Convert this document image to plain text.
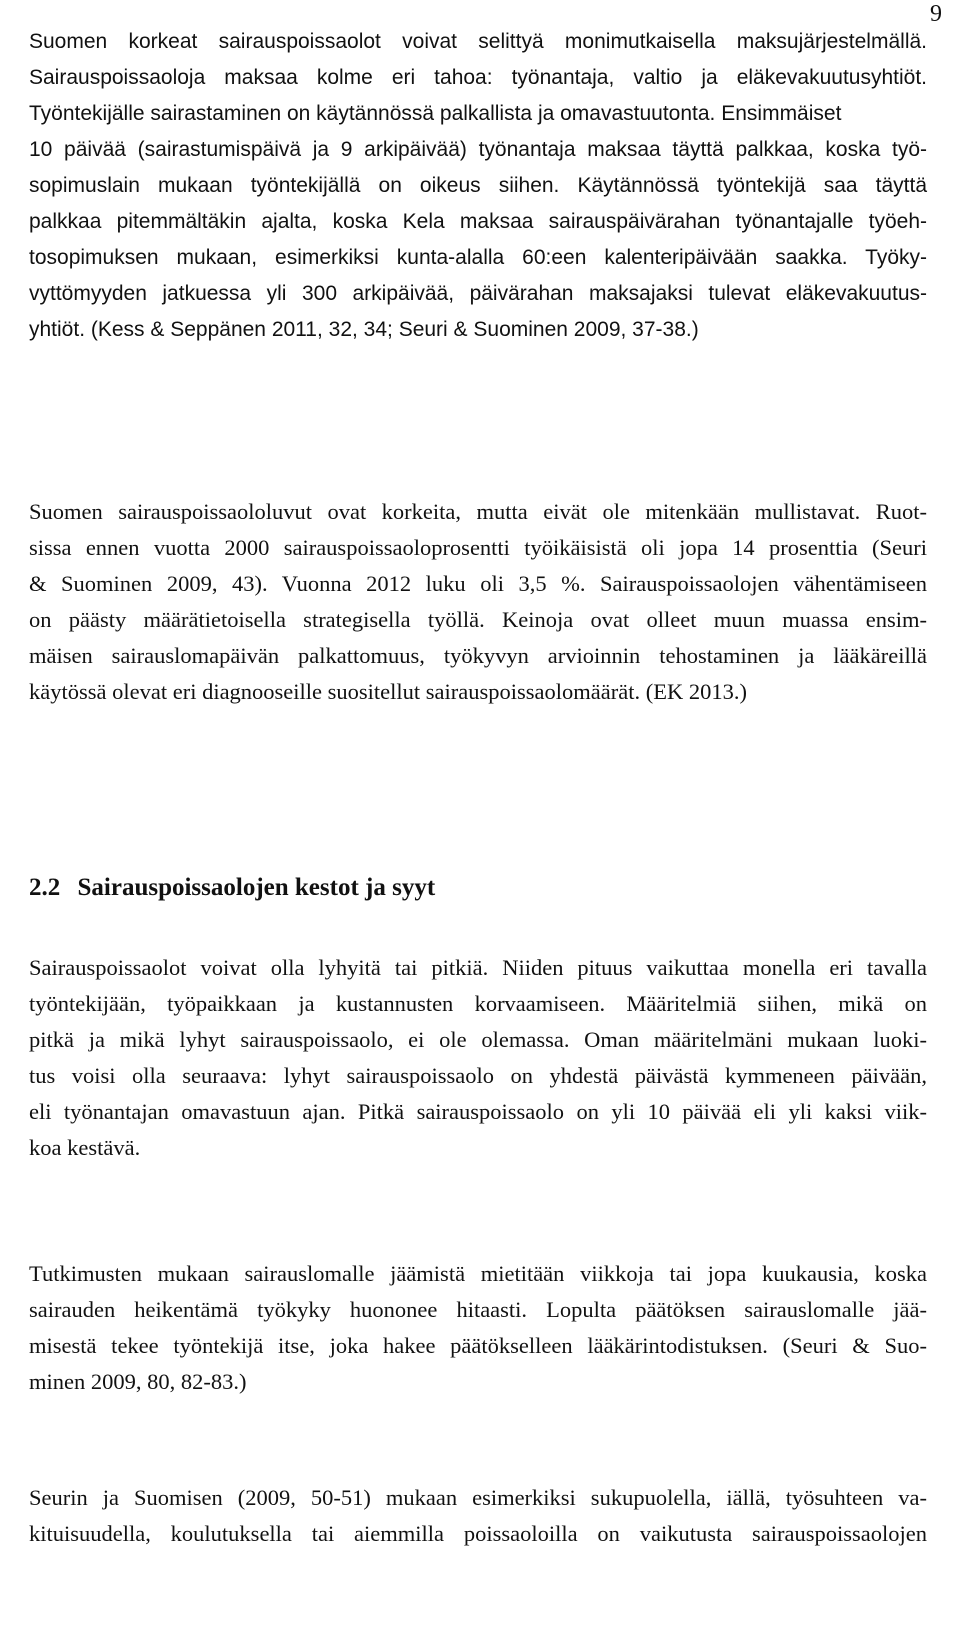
9
Suomen korkeat sairauspoissaolot voivat selittyä monimutkaisella maksujärjestelmällä.
Sairauspoissaoloja maksaa kolme eri tahoa: työnantaja, valtio ja eläkevakuutusyhtiöt.
Työntekijälle sairastaminen on käytännössä palkallista ja omavastuutonta. Ensimmäiset
10 päivää (sairastumispäivä ja 9 arkipäivää) työnantaja maksaa täyttä palkkaa, koska työ-
sopimuslain mukaan työntekijällä on oikeus siihen. Käytännössä työntekijä saa täyttä
palkkaa pitemmältäkin ajalta, koska Kela maksaa sairauspäivärahan työnantajalle työeh-
tosopimuksen mukaan, esimerkiksi kunta-alalla 60:een kalenteripäivään saakka. Työky-
vyttömyyden jatkuessa yli 300 arkipäivää, päivärahan maksajaksi tulevat eläkevakuutus-
yhtiöt. (Kess & Seppänen 2011, 32, 34; Seuri & Suominen 2009, 37-38.)
Suomen sairauspoissaololuvut ovat korkeita, mutta eivät ole mitenkään mullistavat. Ruot-
sissa ennen vuotta 2000 sairauspoissaoloprosentti työikäisistä oli jopa 14 prosenttia (Seuri
& Suominen 2009, 43). Vuonna 2012 luku oli 3,5 %. Sairauspoissaolojen vähentämiseen
on päästy määrätietoisella strategisella työllä. Keinoja ovat olleet muun muassa ensim-
mäisen sairauslomapäivän palkattomuus, työkyvyn arvioinnin tehostaminen ja lääkäreillä
käytössä olevat eri diagnooseille suositellut sairauspoissaolomäärät. (EK 2013.)
2.2 Sairauspoissaolojen kestot ja syyt
Sairauspoissaolot voivat olla lyhyitä tai pitkiä. Niiden pituus vaikuttaa monella eri tavalla
työntekijään, työpaikkaan ja kustannusten korvaamiseen. Määritelmiä siihen, mikä on
pitkä ja mikä lyhyt sairauspoissaolo, ei ole olemassa. Oman määritelmäni mukaan luoki-
tus voisi olla seuraava: lyhyt sairauspoissaolo on yhdestä päivästä kymmeneen päivään,
eli työnantajan omavastuun ajan. Pitkä sairauspoissaolo on yli 10 päivää eli yli kaksi viik-
koa kestävä.
Tutkimusten mukaan sairauslomalle jäämistä mietitään viikkoja tai jopa kuukausia, koska
sairauden heikentämä työkyky huononee hitaasti. Lopulta päätöksen sairauslomalle jää-
misestä tekee työntekijä itse, joka hakee päätökselleen lääkärintodistuksen. (Seuri & Suo-
minen 2009, 80, 82-83.)
Seurin ja Suomisen (2009, 50-51) mukaan esimerkiksi sukupuolella, iällä, työsuhteen va-
kituisuudella, koulutuksella tai aiemmilla poissaoloilla on vaikutusta sairauspoissaolojen
